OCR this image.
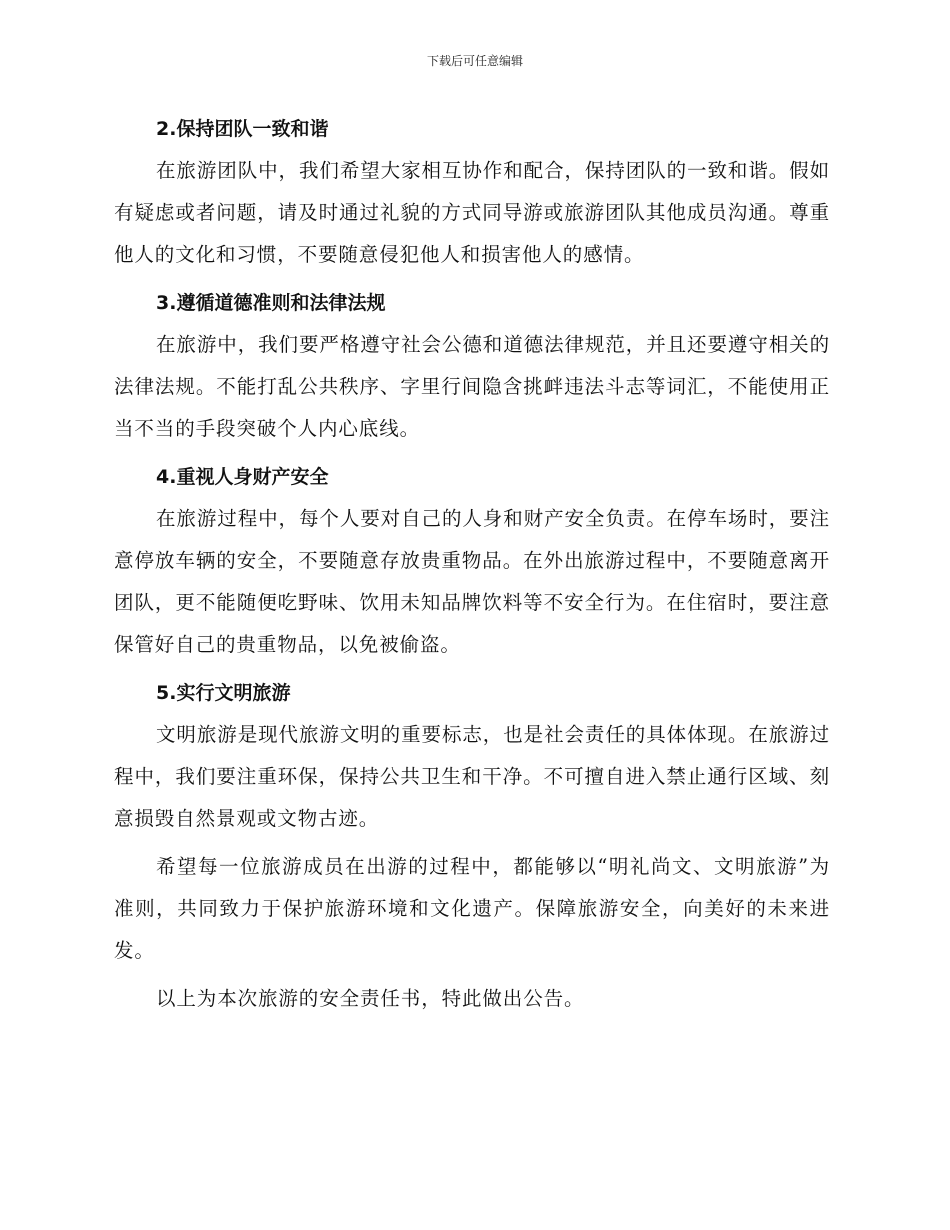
下载后可任意编辑

2.保持团队一致和谐

在旅游团队中，我们希望大家相互协作和配合，保持团队的一致和谐。假如有疑虑或者问题，请及时通过礼貌的方式同导游或旅游团队其他成员沟通。尊重他人的文化和习惯，不要随意侵犯他人和损害他人的感情。

3.遵循道德准则和法律法规

在旅游中，我们要严格遵守社会公德和道德法律规范，并且还要遵守相关的法律法规。不能打乱公共秩序、字里行间隐含挑衅违法斗志等词汇，不能使用正当不当的手段突破个人内心底线。

4.重视人身财产安全

在旅游过程中，每个人要对自己的人身和财产安全负责。在停车场时，要注意停放车辆的安全，不要随意存放贵重物品。在外出旅游过程中，不要随意离开团队，更不能随便吃野味、饮用未知品牌饮料等不安全行为。在住宿时，要注意保管好自己的贵重物品，以免被偷盗。

5.实行文明旅游

文明旅游是现代旅游文明的重要标志，也是社会责任的具体体现。在旅游过程中，我们要注重环保，保持公共卫生和干净。不可擅自进入禁止通行区域、刻意损毁自然景观或文物古迹。

希望每一位旅游成员在出游的过程中，都能够以“明礼尚文、文明旅游”为准则，共同致力于保护旅游环境和文化遗产。保障旅游安全，向美好的未来进发。

以上为本次旅游的安全责任书，特此做出公告。
